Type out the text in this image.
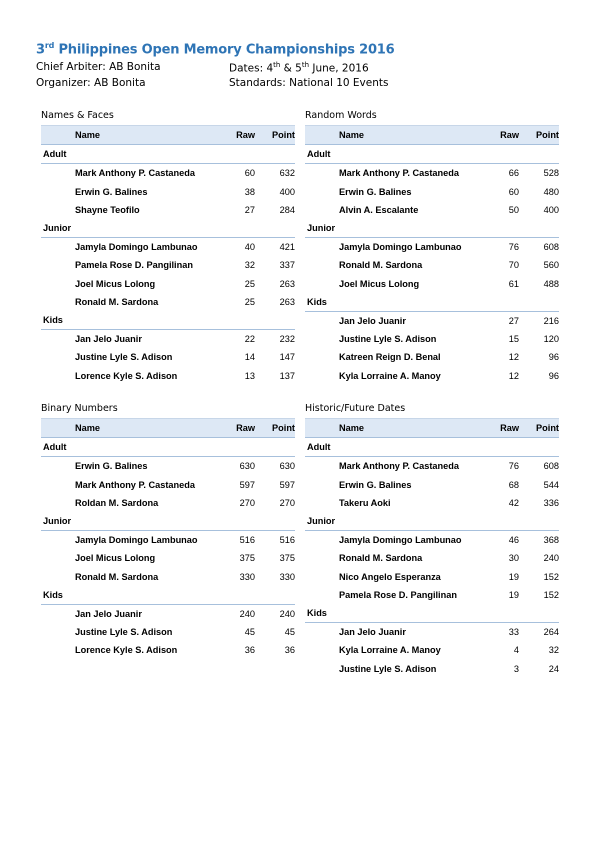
3rd Philippines Open Memory Championships 2016
Chief Arbiter: AB Bonita
Organizer: AB Bonita
Dates: 4th & 5th June, 2016
Standards: National 10 Events
Names & Faces
	Name	Raw	Point
Adult			
	Mark Anthony P. Castaneda	60	632
	Erwin G. Balines	38	400
	Shayne Teofilo	27	284
Junior			
	Jamyla Domingo Lambunao	40	421
	Pamela Rose D. Pangilinan	32	337
	Joel Micus Lolong	25	263
	Ronald M. Sardona	25	263
Kids			
	Jan Jelo Juanir	22	232
	Justine Lyle S. Adison	14	147
	Lorence Kyle S. Adison	13	137
Random Words
	Name	Raw	Point
Adult			
	Mark Anthony P. Castaneda	66	528
	Erwin G. Balines	60	480
	Alvin A. Escalante	50	400
Junior			
	Jamyla Domingo Lambunao	76	608
	Ronald M. Sardona	70	560
	Joel Micus Lolong	61	488
Kids			
	Jan Jelo Juanir	27	216
	Justine Lyle S. Adison	15	120
	Katreen Reign D. Benal	12	96
	Kyla Lorraine A. Manoy	12	96
Binary Numbers
	Name	Raw	Point
Adult			
	Erwin G. Balines	630	630
	Mark Anthony P. Castaneda	597	597
	Roldan M. Sardona	270	270
Junior			
	Jamyla Domingo Lambunao	516	516
	Joel Micus Lolong	375	375
	Ronald M. Sardona	330	330
Kids			
	Jan Jelo Juanir	240	240
	Justine Lyle S. Adison	45	45
	Lorence Kyle S. Adison	36	36
Historic/Future Dates
	Name	Raw	Point
Adult			
	Mark Anthony P. Castaneda	76	608
	Erwin G. Balines	68	544
	Takeru Aoki	42	336
Junior			
	Jamyla Domingo Lambunao	46	368
	Ronald M. Sardona	30	240
	Nico Angelo Esperanza	19	152
	Pamela Rose D. Pangilinan	19	152
Kids			
	Jan Jelo Juanir	33	264
	Kyla Lorraine A. Manoy	4	32
	Justine Lyle S. Adison	3	24
